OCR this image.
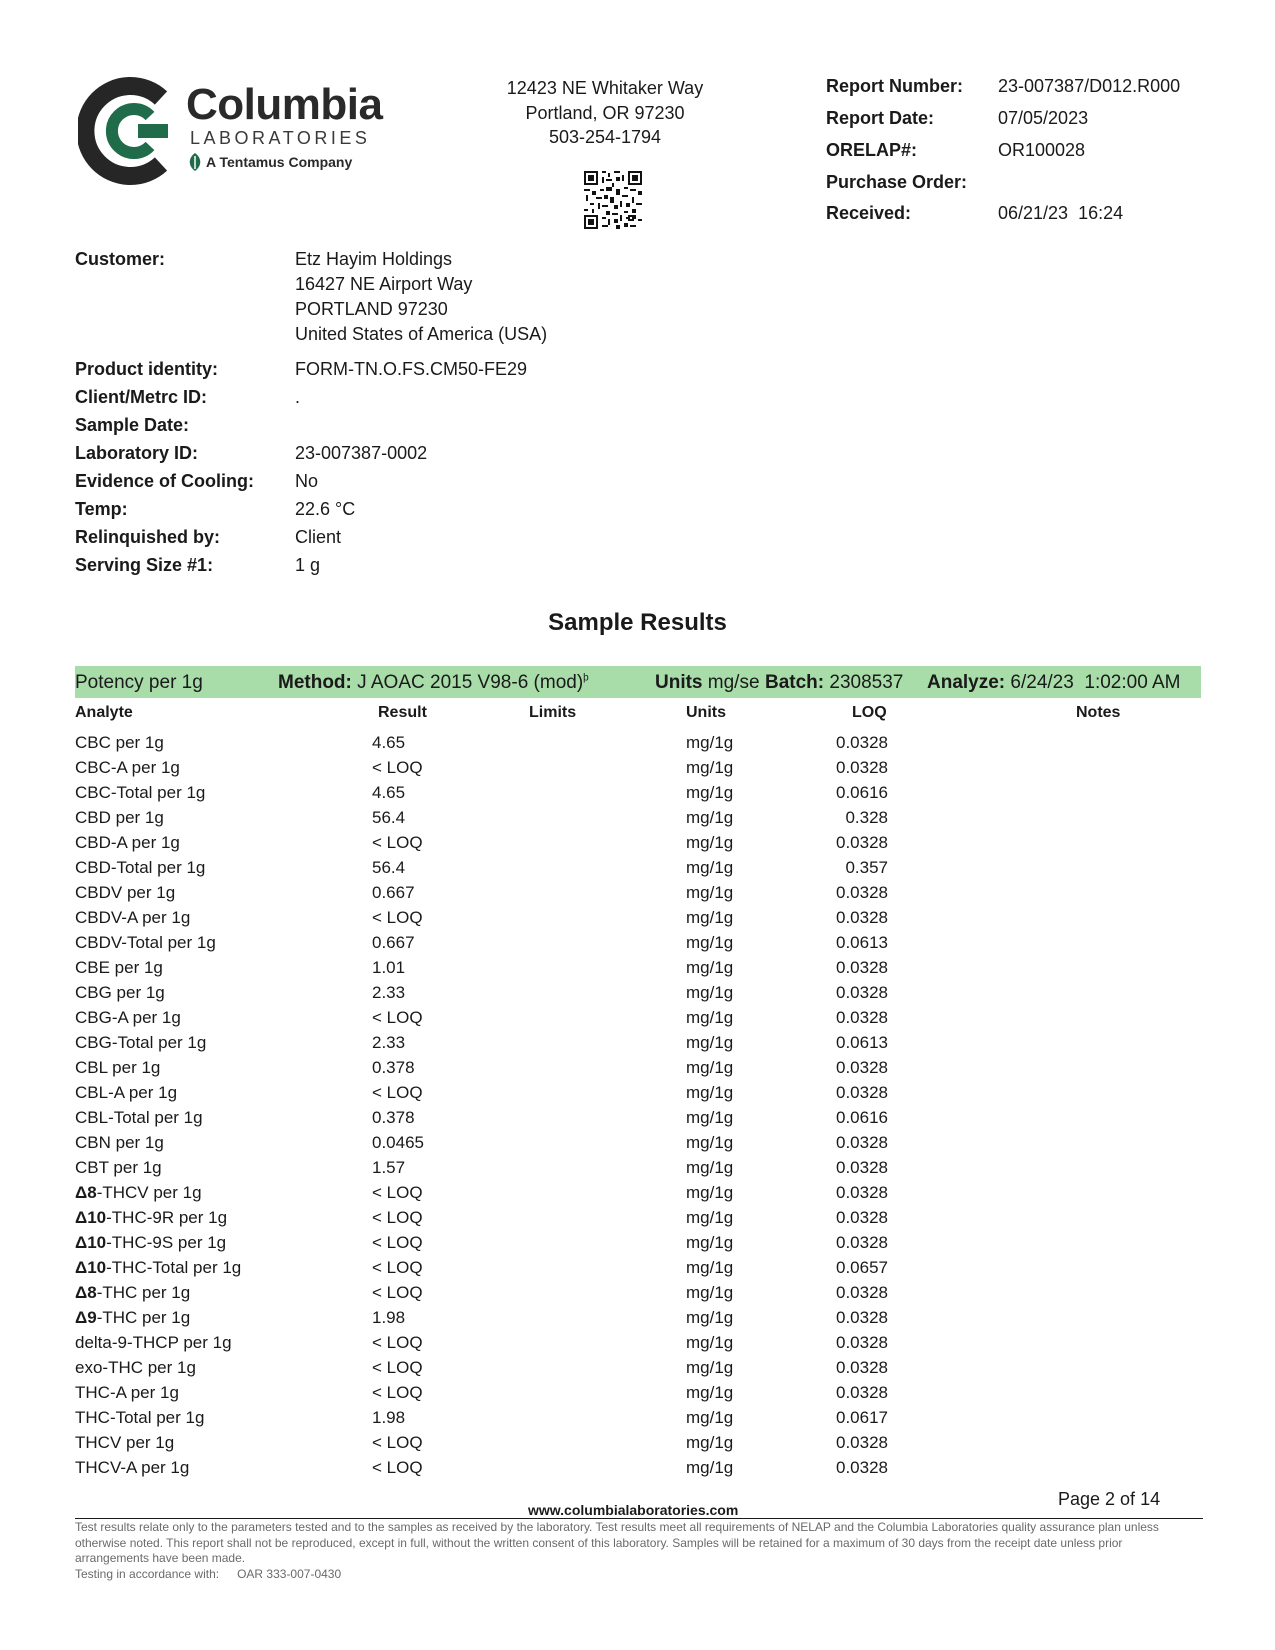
Columbia
LABORATORIES
A Tentamus Company
12423 NE Whitaker Way
Portland, OR 97230
503-254-1794
Report Number: 23-007387/D012.R000
Report Date:	07/05/2023
ORELAP#:	OR100028
Purchase Order:
Received:	06/21/23  16:24
Customer:	Etz Hayim Holdings
16427 NE Airport Way
PORTLAND 97230
United States of America (USA)
Product identity:	FORM-TN.O.FS.CM50-FE29
Client/Metrc ID:	.
Sample Date:
Laboratory ID:	23-007387-0002
Evidence of Cooling: No
Temp:	22.6 °C
Relinquished by:	Client
Serving Size #1:	1 g
Sample Results
Potency per 1g	Method: J AOAC 2015 V98-6 (mod)$^þ$	Units mg/se Batch: 2308537 Analyze: 6/24/23  1:02:00 AM
Analyte	Result	Limits	Units	LOQ	Notes
CBC per 1g	4.65	mg/1g	0.0328
CBC-A per 1g	< LOQ	mg/1g	0.0328
CBC-Total per 1g	4.65	mg/1g	0.0616
CBD per 1g	56.4	mg/1g	0.328
CBD-A per 1g	< LOQ	mg/1g	0.0328
CBD-Total per 1g	56.4	mg/1g	0.357
CBDV per 1g	0.667	mg/1g	0.0328
CBDV-A per 1g	< LOQ	mg/1g	0.0328
CBDV-Total per 1g	0.667	mg/1g	0.0613
CBE per 1g	1.01	mg/1g	0.0328
CBG per 1g	2.33	mg/1g	0.0328
CBG-A per 1g	< LOQ	mg/1g	0.0328
CBG-Total per 1g	2.33	mg/1g	0.0613
CBL per 1g	0.378	mg/1g	0.0328
CBL-A per 1g	< LOQ	mg/1g	0.0328
CBL-Total per 1g	0.378	mg/1g	0.0616
CBN per 1g	0.0465	mg/1g	0.0328
CBT per 1g	1.57	mg/1g	0.0328
Δ8-THCV per 1g	< LOQ	mg/1g	0.0328
Δ10-THC-9R per 1g	< LOQ	mg/1g	0.0328
Δ10-THC-9S per 1g	< LOQ	mg/1g	0.0328
Δ10-THC-Total per 1g	< LOQ	mg/1g	0.0657
Δ8-THC per 1g	< LOQ	mg/1g	0.0328
Δ9-THC per 1g	1.98	mg/1g	0.0328
delta-9-THCP per 1g	< LOQ	mg/1g	0.0328
exo-THC per 1g	< LOQ	mg/1g	0.0328
THC-A per 1g	< LOQ	mg/1g	0.0328
THC-Total per 1g	1.98	mg/1g	0.0617
THCV per 1g	< LOQ	mg/1g	0.0328
THCV-A per 1g	< LOQ	mg/1g	0.0328
Page 2 of 14
www.columbialaboratories.com
Test results relate only to the parameters tested and to the samples as received by the laboratory. Test results meet all requirements of NELAP and the Columbia Laboratories quality assurance plan unless otherwise noted. This report shall not be reproduced, except in full, without the written consent of this laboratory. Samples will be retained for a maximum of 30 days from the receipt date unless prior arrangements have been made.
Testing in accordance with: OAR 333-007-0430
